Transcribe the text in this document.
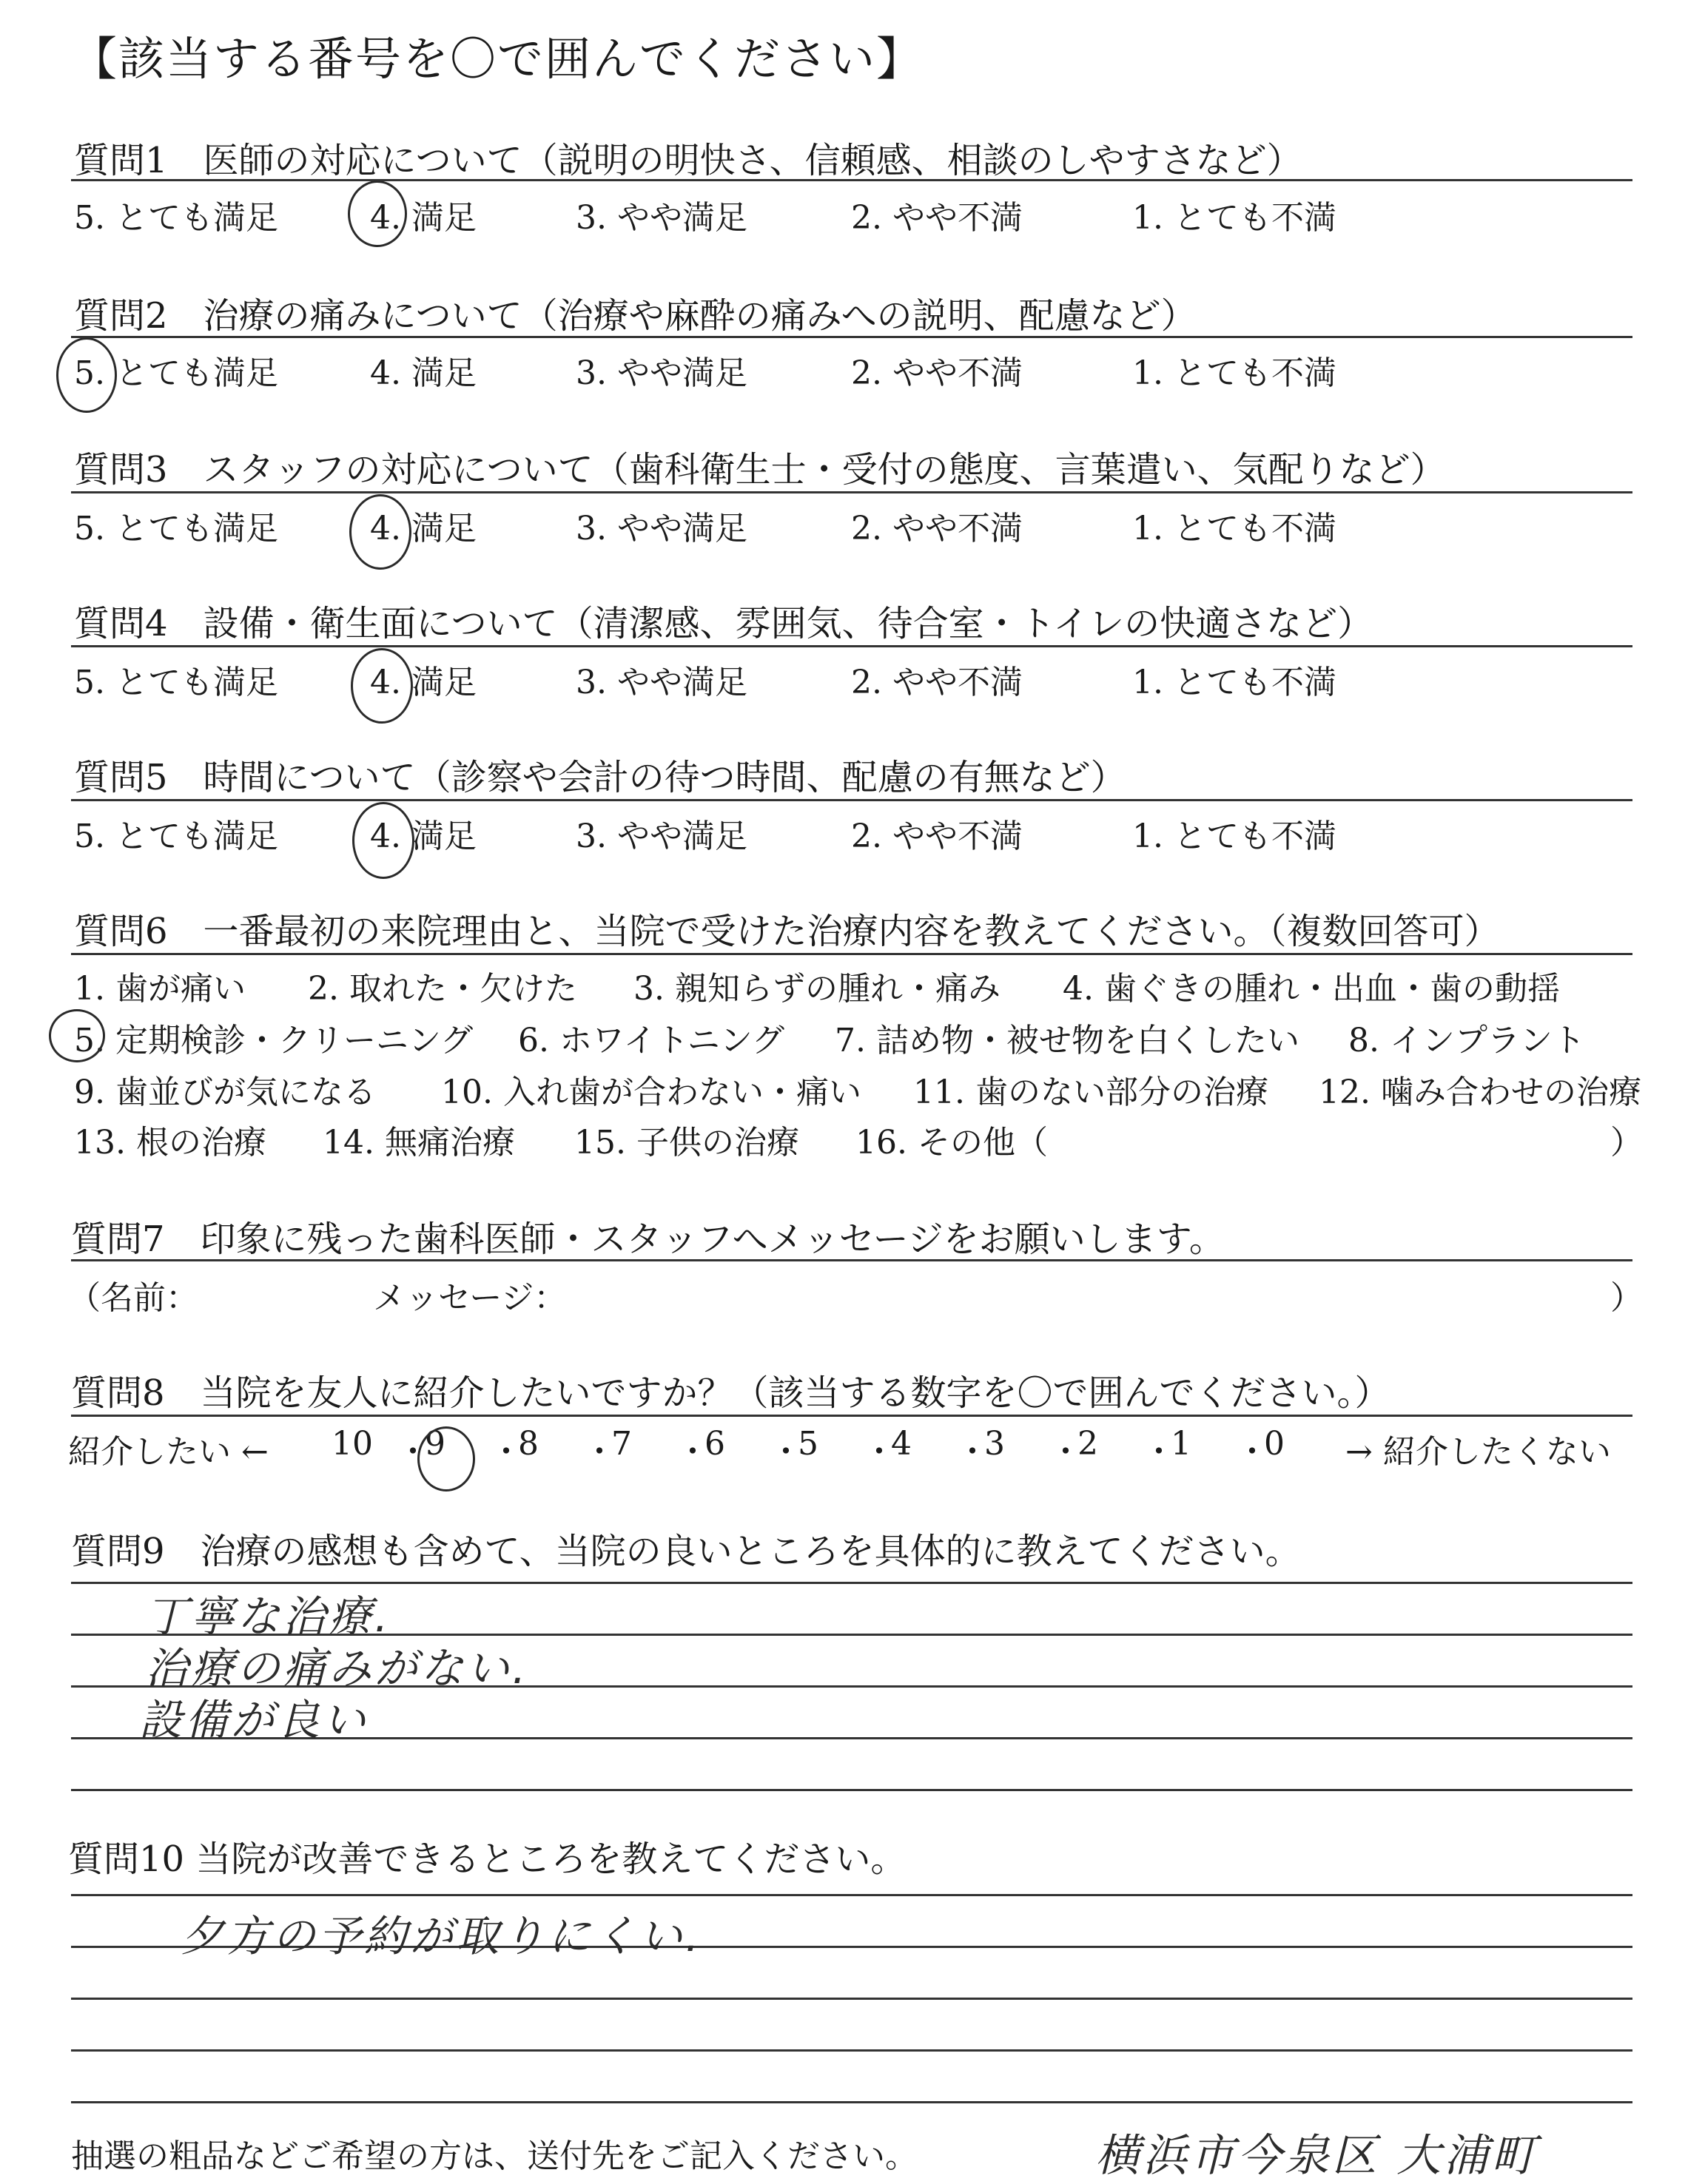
【該当する番号を〇で囲んでください】
質問1　医師の対応について（説明の明快さ、信頼感、相談のしやすさなど）
5. とても満足	4. 満足	3. やや満足	2. やや不満	1. とても不満
質問2　治療の痛みについて（治療や麻酔の痛みへの説明、配慮など）
5. とても満足	4. 満足	3. やや満足	2. やや不満	1. とても不満
質問3　スタッフの対応について（歯科衛生士・受付の態度、言葉遣い、気配りなど）
5. とても満足	4. 満足	3. やや満足	2. やや不満	1. とても不満
質問4　設備・衛生面について（清潔感、雰囲気、待合室・トイレの快適さなど）
5. とても満足	4. 満足	3. やや満足	2. やや不満	1. とても不満
質問5　時間について（診察や会計の待つ時間、配慮の有無など）
5. とても満足	4. 満足	3. やや満足	2. やや不満	1. とても不満
質問6　一番最初の来院理由と、当院で受けた治療内容を教えてください。（複数回答可）
1. 歯が痛い 2. 取れた・欠けた 3. 親知らずの腫れ・痛み 4. 歯ぐきの腫れ・出血・歯の動揺
5. 定期検診・クリーニング 6. ホワイトニング 7. 詰め物・被せ物を白くしたい 8. インプラント
9. 歯並びが気になる 10. 入れ歯が合わない・痛い 11. 歯のない部分の治療 12. 噛み合わせの治療
13. 根の治療 14. 無痛治療 15. 子供の治療 16. その他（	）
質問7　印象に残った歯科医師・スタッフへメッセージをお願いします。
（名前：	メッセージ：	）
質問8　当院を友人に紹介したいですか？（該当する数字を〇で囲んでください。）
紹介したい ←	→ 紹介したくない
10 ・
9 ・
8 ・
7 ・
6 ・
5 ・
4 ・
3 ・
2 ・
1 ・
0
質問9　治療の感想も含めて、当院の良いところを具体的に教えてください。
丁寧な治療.
治療の痛みがない.
設備が良い
質問10 当院が改善できるところを教えてください。
夕方の予約が取りにくい.
抽選の粗品などご希望の方は、送付先をご記入ください。	横浜市今泉区 大浦町
